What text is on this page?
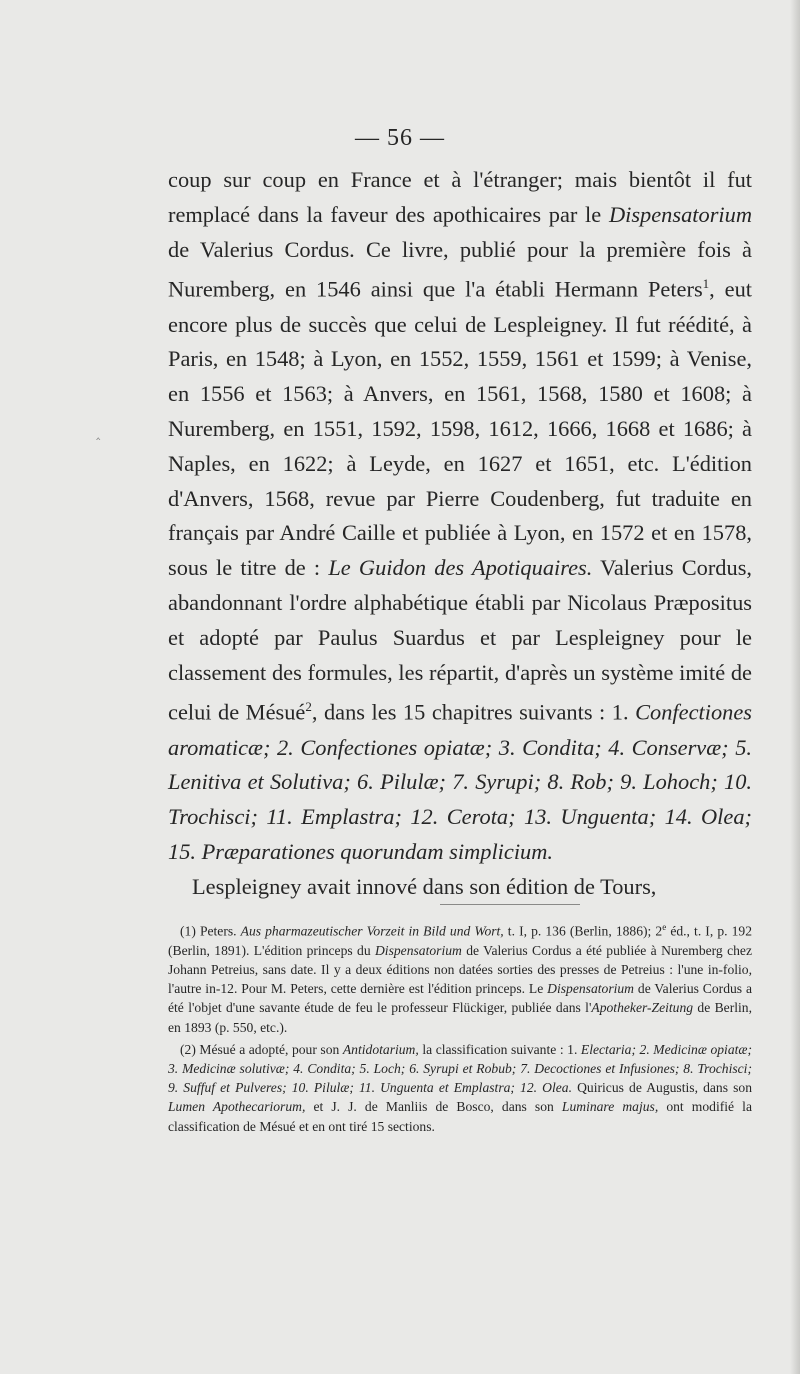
— 56 —
‸

coup sur coup en France et à l'étranger; mais bientôt il fut remplacé dans la faveur des apothicaires par le Dispensatorium de Valerius Cordus. Ce livre, publié pour la première fois à Nuremberg, en 1546 ainsi que l'a établi Hermann Peters$^1$, eut encore plus de succès que celui de Lespleigney. Il fut réédité, à Paris, en 1548; à Lyon, en 1552, 1559, 1561 et 1599; à Venise, en 1556 et 1563; à Anvers, en 1561, 1568, 1580 et 1608; à Nuremberg, en 1551, 1592, 1598, 1612, 1666, 1668 et 1686; à Naples, en 1622; à Leyde, en 1627 et 1651, etc. L'édition d'Anvers, 1568, revue par Pierre Coudenberg, fut traduite en français par André Caille et publiée à Lyon, en 1572 et en 1578, sous le titre de : Le Guidon des Apotiquaires. Valerius Cordus, abandonnant l'ordre alphabétique établi par Nicolaus Præpositus et adopté par Paulus Suardus et par Lespleigney pour le classement des formules, les répartit, d'après un système imité de celui de Mésué$^2$, dans les 15 chapitres suivants : 1. Confectiones aromaticæ; 2. Confectiones opiatæ; 3. Condita; 4. Conservæ; 5. Lenitiva et Solutiva; 6. Pilulæ; 7. Syrupi; 8. Rob; 9. Lohoch; 10. Trochisci; 11. Emplastra; 12. Cerota; 13. Unguenta; 14. Olea; 15. Præparationes quorundam simplicium.

Lespleigney avait innové dans son édition de Tours,

(1) Peters. Aus pharmazeutischer Vorzeit in Bild und Wort, t. I, p. 136 (Berlin, 1886); 2e éd., t. I, p. 192 (Berlin, 1891). L'édition princeps du Dispensatorium de Valerius Cordus a été publiée à Nuremberg chez Johann Petreius, sans date. Il y a deux éditions non datées sorties des presses de Petreius : l'une in-folio, l'autre in-12. Pour M. Peters, cette dernière est l'édition princeps. Le Dispensatorium de Valerius Cordus a été l'objet d'une savante étude de feu le professeur Flückiger, publiée dans l'Apotheker-Zeitung de Berlin, en 1893 (p. 550, etc.).

(2) Mésué a adopté, pour son Antidotarium, la classification suivante : 1. Electaria; 2. Medicinæ opiatæ; 3. Medicinæ solutivæ; 4. Condita; 5. Loch; 6. Syrupi et Robub; 7. Decoctiones et Infusiones; 8. Trochisci; 9. Suffuf et Pulveres; 10. Pilulæ; 11. Unguenta et Emplastra; 12. Olea. Quiricus de Augustis, dans son Lumen Apothecariorum, et J. J. de Manliis de Bosco, dans son Luminare majus, ont modifié la classification de Mésué et en ont tiré 15 sections.
